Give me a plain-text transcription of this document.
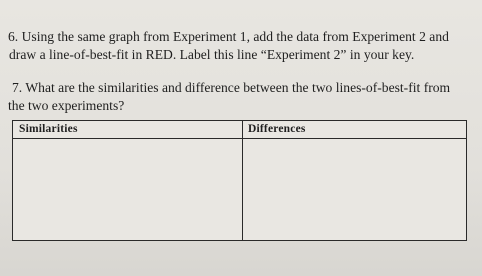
6. Using the same graph from Experiment 1, add the data from Experiment 2 and
draw a line-of-best-fit in RED. Label this line “Experiment 2” in your key.
7. What are the similarities and difference between the two lines-of-best-fit from
the two experiments?
Similarities	Differences
